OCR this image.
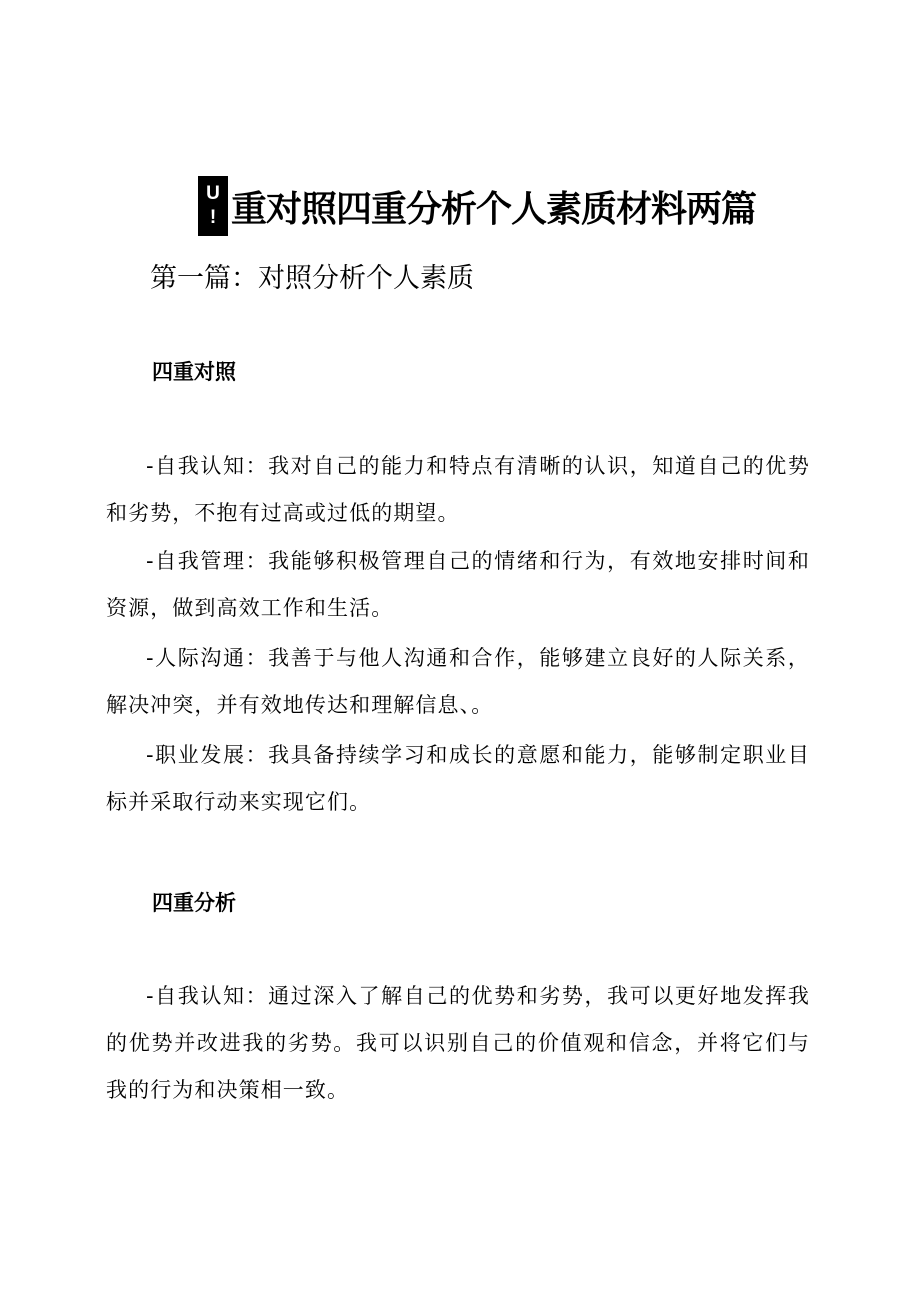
U
! 重对照四重分析个人素质材料两篇
第一篇：对照分析个人素质
四重对照

-自我认知：我对自己的能力和特点有清晰的认识，知道自己的优势和劣势，不抱有过高或过低的期望。

-自我管理：我能够积极管理自己的情绪和行为，有效地安排时间和资源，做到高效工作和生活。

-人际沟通：我善于与他人沟通和合作，能够建立良好的人际关系，解决冲突，并有效地传达和理解信息、。

-职业发展：我具备持续学习和成长的意愿和能力，能够制定职业目标并采取行动来实现它们。

四重分析

-自我认知：通过深入了解自己的优势和劣势，我可以更好地发挥我的优势并改进我的劣势。我可以识别自己的价值观和信念，并将它们与我的行为和决策相一致。
